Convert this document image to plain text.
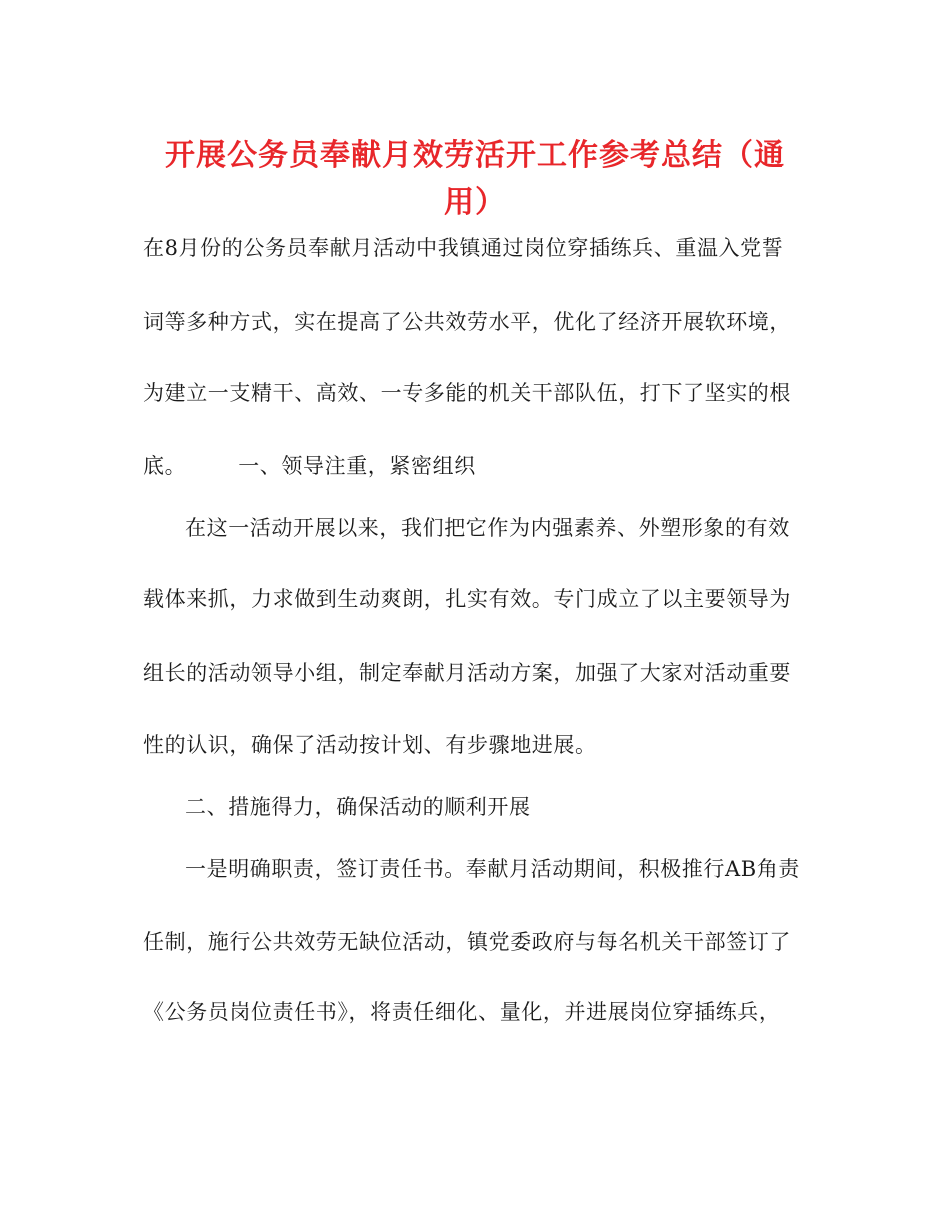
开展公务员奉献月效劳活开工作参考总结（通
用）
在8月份的公务员奉献月活动中我镇通过岗位穿插练兵、重温入党誓
词等多种方式，实在提高了公共效劳水平，优化了经济开展软环境，
为建立一支精干、高效、一专多能的机关干部队伍，打下了坚实的根
底。 一、领导注重，紧密组织
在这一活动开展以来，我们把它作为内强素养、外塑形象的有效
载体来抓，力求做到生动爽朗，扎实有效。专门成立了以主要领导为
组长的活动领导小组，制定奉献月活动方案，加强了大家对活动重要
性的认识，确保了活动按计划、有步骤地进展。
二、措施得力，确保活动的顺利开展
一是明确职责，签订责任书。奉献月活动期间，积极推行AB角责
任制，施行公共效劳无缺位活动，镇党委政府与每名机关干部签订了
《公务员岗位责任书》，将责任细化、量化，并进展岗位穿插练兵，
